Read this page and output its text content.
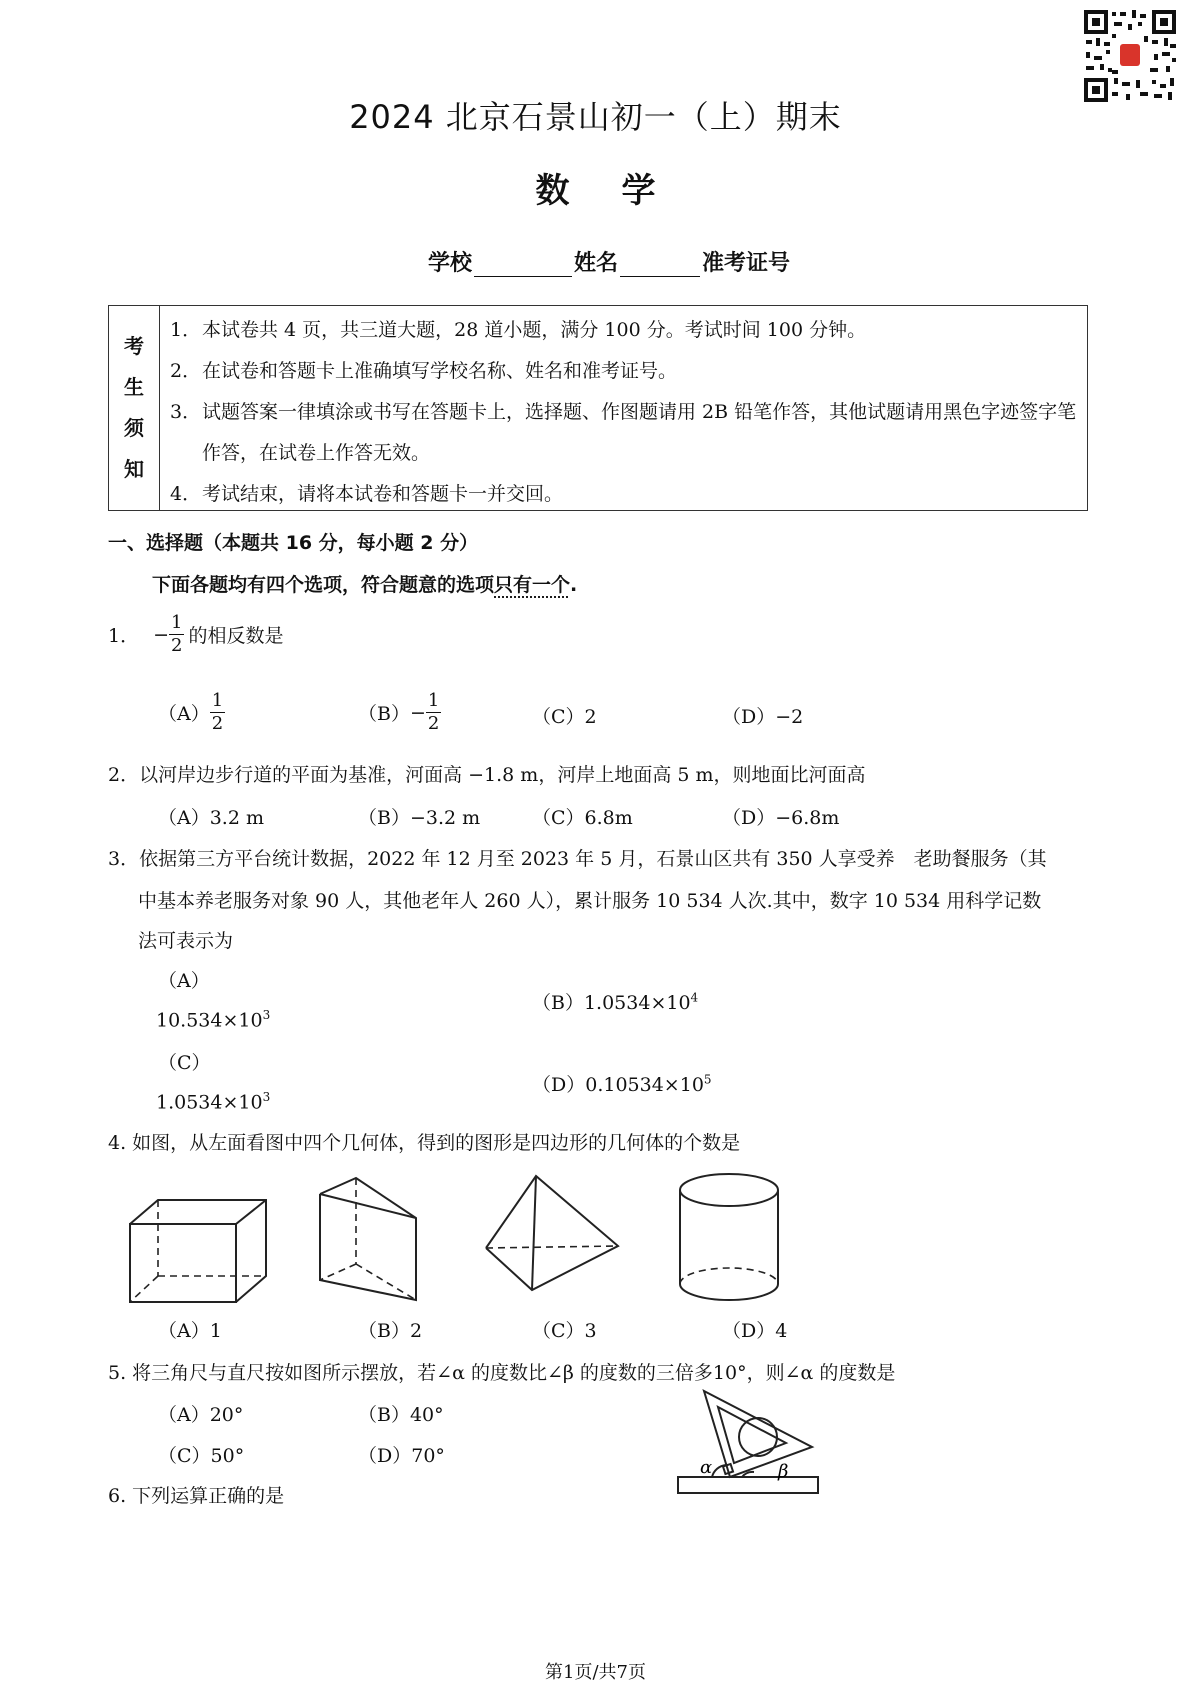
2024 北京石景山初一（上）期末
数学
学校	姓名	准考证号
考
生
须
知
1． 本试卷共 4 页，共三道大题，28 道小题，满分 100 分。考试时间 100 分钟。
2． 在试卷和答题卡上准确填写学校名称、姓名和准考证号。
3． 试题答案一律填涂或书写在答题卡上，选择题、作图题请用 2B 铅笔作答，其他试题请用黑色字迹签字笔作答，在试卷上作答无效。
4． 考试结束，请将本试卷和答题卡一并交回。
一、选择题（本题共 16 分，每小题 2 分）
下面各题均有四个选项，符合题意的选项只有一个.
1． − $\frac{1}{2}$ 的相反数是
$(A) \frac{1}{2}$	$(B) - \frac{1}{2}$	（C）2	（D）−2
2．以河岸边步行道的平面为基准，河面高 −1.8 m，河岸上地面高 5 m，则地面比河面高
（A）3.2 m	（B）−3.2 m	（C）6.8m	（D）−6.8m
3．依据第三方平台统计数据，2022 年 12 月至 2023 年 5 月，石景山区共有 350 人享受养　老助餐服务（其
中基本养老服务对象 90 人，其他老年人 260 人），累计服务 10 534 人次.其中，数字 10 534 用科学记数
法可表示为
（A）
$10.534\times 10^3$
$(B)1.0534\times 10^4$
（C）
$1.0534\times 10^3$
$(D)0.10534\times 10^5$
4. 如图，从左面看图中四个几何体，得到的图形是四边形的几何体的个数是
（A）1	（B）2	（C）3	（D）4
5. 将三角尺与直尺按如图所示摆放，若∠α 的度数比∠β 的度数的三倍多10°，则∠α 的度数是
（A）20°	（B）40°
（C）50°	（D）70°
α	β
6. 下列运算正确的是
第1页/共7页
